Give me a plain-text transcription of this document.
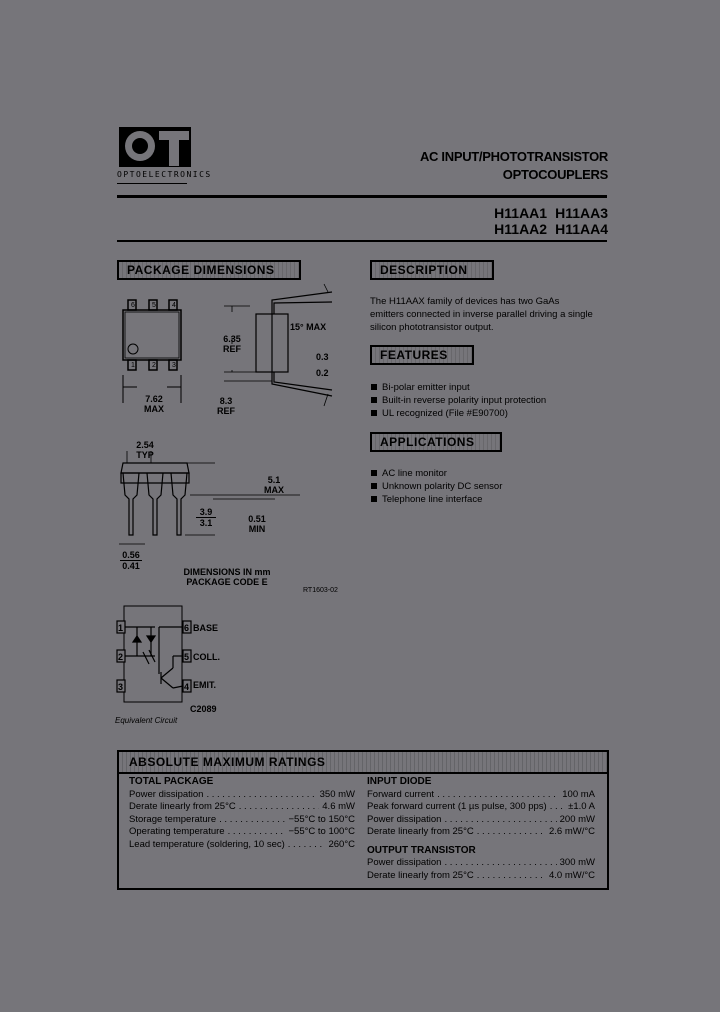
OPTOELECTRONICS
AC INPUT/PHOTOTRANSISTOR
OPTOCOUPLERS
H11AA1 H11AA3
H11AA2 H11AA4
PACKAGE DIMENSIONS	DESCRIPTION
FEATURES
APPLICATIONS
The H11AAX family of devices has two GaAs emitters connected in inverse parallel driving a single silicon phototransistor output.
Bi-polar emitter input
Built-in reverse polarity input protection
UL recognized (File #E90700)
AC line monitor
Unknown polarity DC sensor
Telephone line interface
6 5 4
1 2 3
7.62
MAX
6.35
REF
8.3
REF
15° MAX
0.3
0.2
2.54
TYP
5.1
MAX
3.9
3.1	0.51
MIN
0.56
0.41
DIMENSIONS IN mm
PACKAGE CODE E
RT1603-02
1
2
3
6
5
4
BASE
COLL.
EMIT.
C2089
Equivalent Circuit
ABSOLUTE MAXIMUM RATINGS
TOTAL PACKAGE
Power dissipation . . .	350 mW
Derate linearly from 25°C . . .	4.6 mW
Storage temperature . . .	−55°C to 150°C
Operating temperature . . .	−55°C to 100°C
Lead temperature (soldering, 10 sec) . . .	260°C
INPUT DIODE
Forward current . . .	100 mA
Peak forward current (1 µs pulse, 300 pps) . . . ±1.0 A
Power dissipation . . .	200 mW
Derate linearly from 25°C . . .	2.6 mW/°C
OUTPUT TRANSISTOR
Power dissipation . . .	300 mW
Derate linearly from 25°C . . .	4.0 mW/°C
